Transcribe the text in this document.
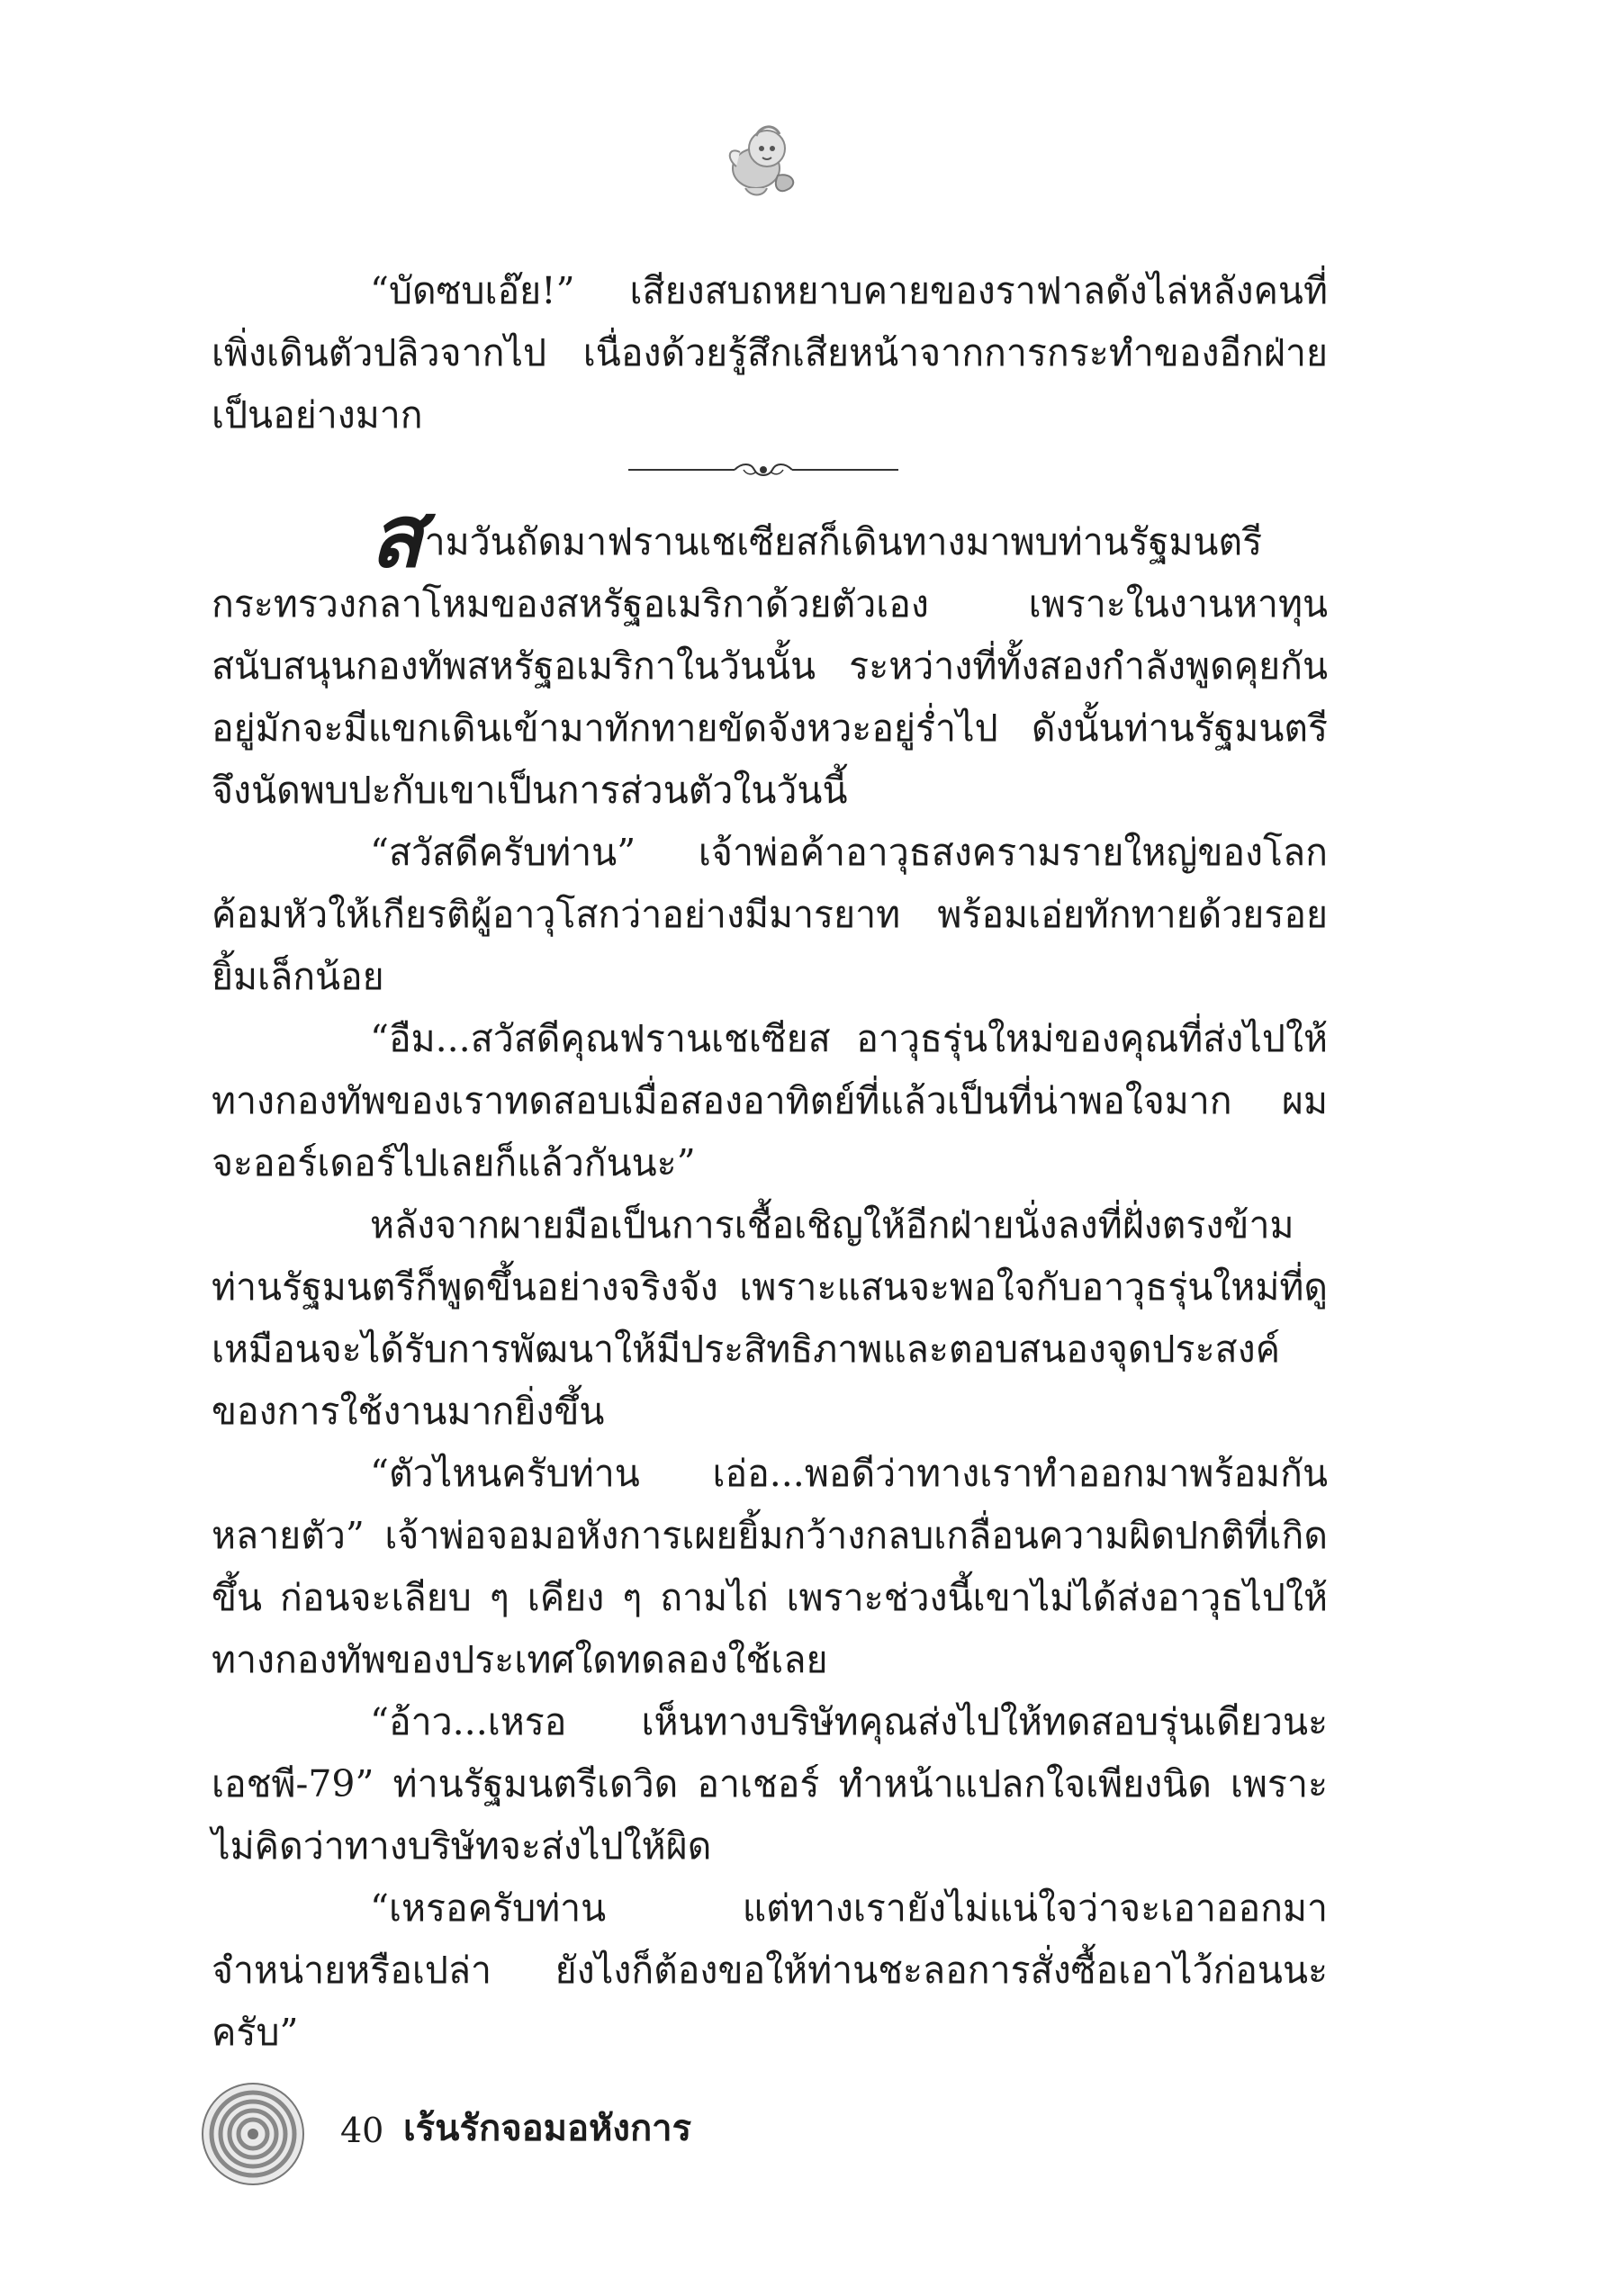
“บัดซบเอ๊ย!” เสียงสบถหยาบคายของราฟาลดังไล่หลังคนที่เพิ่งเดินตัวปลิวจากไป เนื่องด้วยรู้สึกเสียหน้าจากการกระทำของอีกฝ่ายเป็นอย่างมาก

ส ามวันถัดมาฟรานเชเซียสก็เดินทางมาพบท่านรัฐมนตรี

กระทรวงกลาโหมของสหรัฐอเมริกาด้วยตัวเอง เพราะในงานหาทุนสนับสนุนกองทัพสหรัฐอเมริกาในวันนั้น ระหว่างที่ทั้งสองกำลังพูดคุยกันอยู่มักจะมีแขกเดินเข้ามาทักทายขัดจังหวะอยู่ร่ำไป ดังนั้นท่านรัฐมนตรีจึงนัดพบปะกับเขาเป็นการส่วนตัวในวันนี้

“สวัสดีครับท่าน” เจ้าพ่อค้าอาวุธสงครามรายใหญ่ของโลกค้อมหัวให้เกียรติผู้อาวุโสกว่าอย่างมีมารยาท พร้อมเอ่ยทักทายด้วยรอยยิ้มเล็กน้อย

“อืม...สวัสดีคุณฟรานเชเซียส อาวุธรุ่นใหม่ของคุณที่ส่งไปให้ทางกองทัพของเราทดสอบเมื่อสองอาทิตย์ที่แล้วเป็นที่น่าพอใจมาก ผมจะออร์เดอร์ไปเลยก็แล้วกันนะ”

หลังจากผายมือเป็นการเชื้อเชิญให้อีกฝ่ายนั่งลงที่ฝั่งตรงข้าม ท่านรัฐมนตรีก็พูดขึ้นอย่างจริงจัง เพราะแสนจะพอใจกับอาวุธรุ่นใหม่ที่ดูเหมือนจะได้รับการพัฒนาให้มีประสิทธิภาพและตอบสนองจุดประสงค์ของการใช้งานมากยิ่งขึ้น

“ตัวไหนครับท่าน เอ่อ...พอดีว่าทางเราทำออกมาพร้อมกันหลายตัว” เจ้าพ่อจอมอหังการเผยยิ้มกว้างกลบเกลื่อนความผิดปกติที่เกิดขึ้น ก่อนจะเลียบ ๆ เคียง ๆ ถามไถ่ เพราะช่วงนี้เขาไม่ได้ส่งอาวุธไปให้ทางกองทัพของประเทศใดทดลองใช้เลย

“อ้าว...เหรอ เห็นทางบริษัทคุณส่งไปให้ทดสอบรุ่นเดียวนะ เอชพี-79” ท่านรัฐมนตรีเดวิด อาเชอร์ ทำหน้าแปลกใจเพียงนิด เพราะไม่คิดว่าทางบริษัทจะส่งไปให้ผิด

“เหรอครับท่าน แต่ทางเรายังไม่แน่ใจว่าจะเอาออกมาจำหน่ายหรือเปล่า ยังไงก็ต้องขอให้ท่านชะลอการสั่งซื้อเอาไว้ก่อนนะครับ”

40 เร้นรักจอมอหังการ
